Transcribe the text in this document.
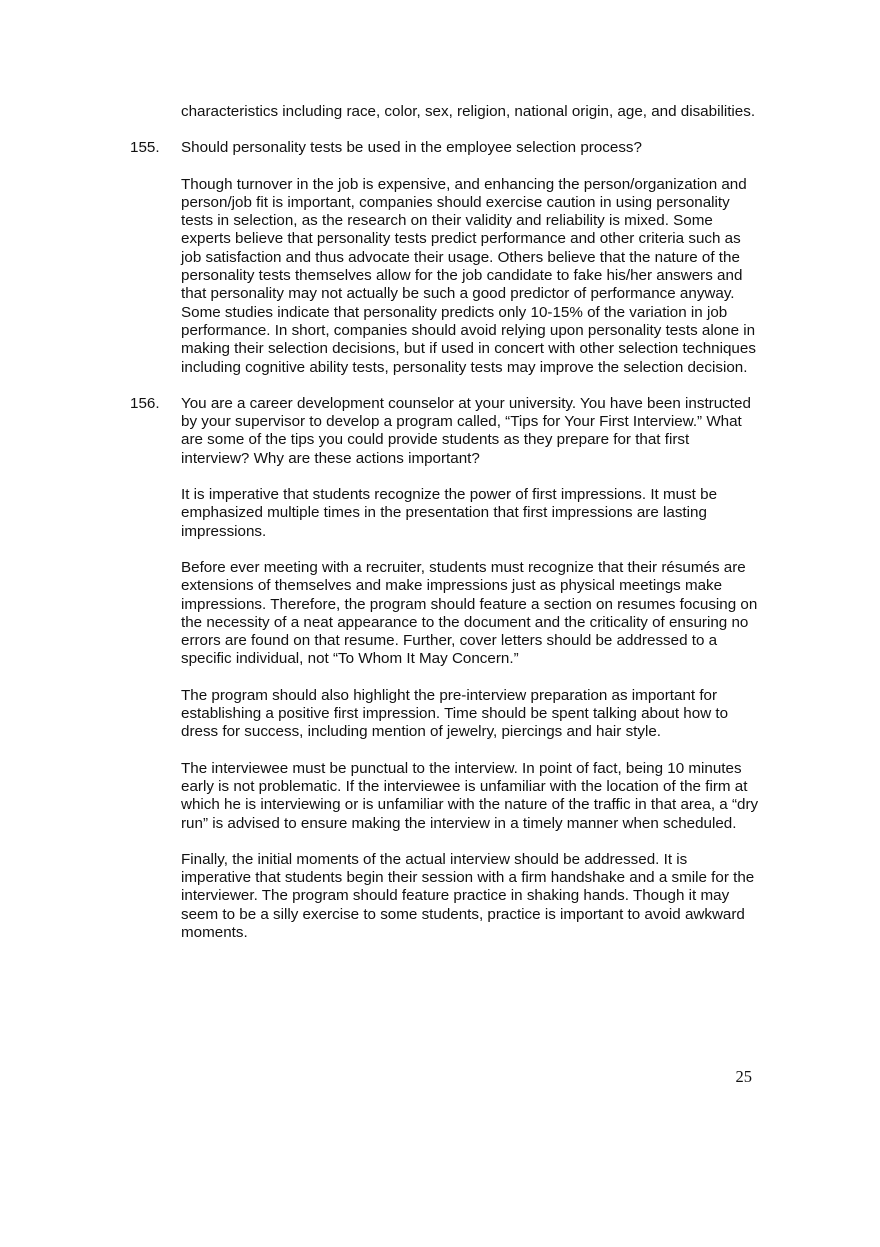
characteristics including race, color, sex, religion, national origin, age, and disabilities.

155. Should personality tests be used in the employee selection process?

Though turnover in the job is expensive, and enhancing the person/organization and person/job fit is important, companies should exercise caution in using personality tests in selection, as the research on their validity and reliability is mixed. Some experts believe that personality tests predict performance and other criteria such as job satisfaction and thus advocate their usage. Others believe that the nature of the personality tests themselves allow for the job candidate to fake his/her answers and that personality may not actually be such a good predictor of performance anyway. Some studies indicate that personality predicts only 10-15% of the variation in job performance. In short, companies should avoid relying upon personality tests alone in making their selection decisions, but if used in concert with other selection techniques including cognitive ability tests, personality tests may improve the selection decision.

156. You are a career development counselor at your university. You have been instructed by your supervisor to develop a program called, “Tips for Your First Interview.” What are some of the tips you could provide students as they prepare for that first interview? Why are these actions important?

It is imperative that students recognize the power of first impressions. It must be emphasized multiple times in the presentation that first impressions are lasting impressions.

Before ever meeting with a recruiter, students must recognize that their résumés are extensions of themselves and make impressions just as physical meetings make impressions. Therefore, the program should feature a section on resumes focusing on the necessity of a neat appearance to the document and the criticality of ensuring no errors are found on that resume. Further, cover letters should be addressed to a specific individual, not “To Whom It May Concern.”

The program should also highlight the pre-interview preparation as important for establishing a positive first impression. Time should be spent talking about how to dress for success, including mention of jewelry, piercings and hair style.

The interviewee must be punctual to the interview. In point of fact, being 10 minutes early is not problematic. If the interviewee is unfamiliar with the location of the firm at which he is interviewing or is unfamiliar with the nature of the traffic in that area, a “dry run” is advised to ensure making the interview in a timely manner when scheduled.

Finally, the initial moments of the actual interview should be addressed. It is imperative that students begin their session with a firm handshake and a smile for the interviewer. The program should feature practice in shaking hands. Though it may seem to be a silly exercise to some students, practice is important to avoid awkward moments.

25
